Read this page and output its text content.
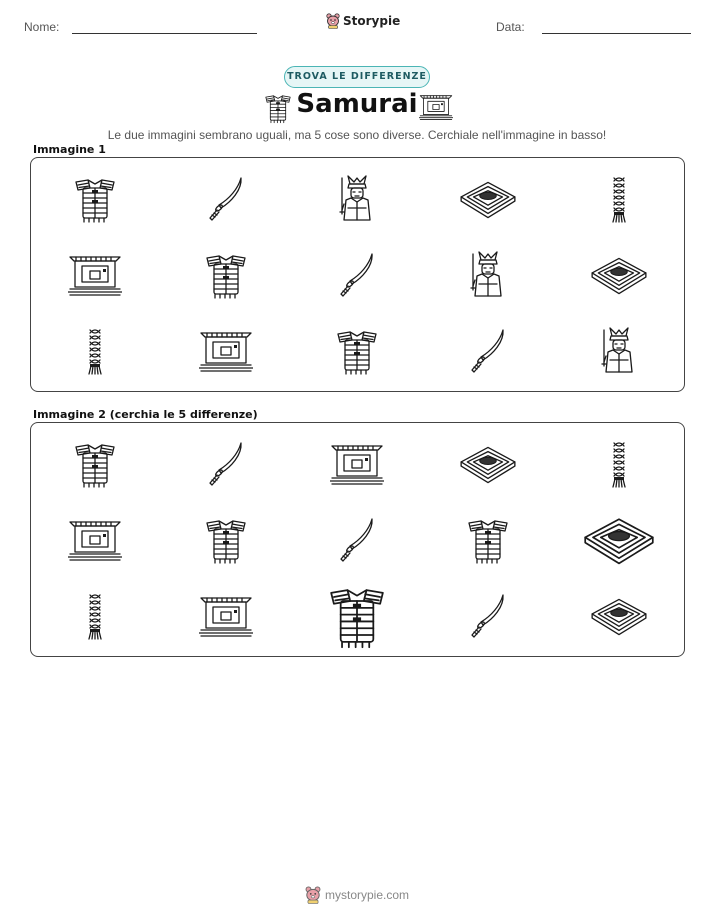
Nome:	Storypie	Data:
TROVA LE DIFFERENZE
Samurai
Le due immagini sembrano uguali, ma 5 cose sono diverse. Cerchiale nell'immagine in basso!
Immagine 1
Immagine 2 (cerchia le 5 differenze)
mystorypie.com
